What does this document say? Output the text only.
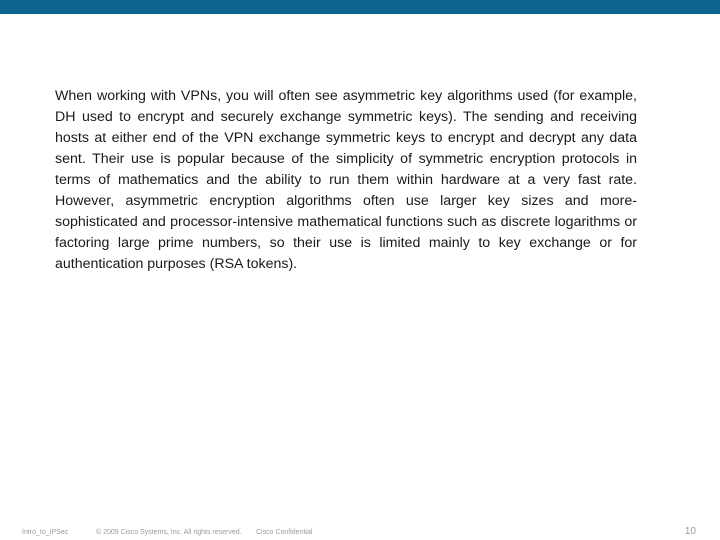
When working with VPNs, you will often see asymmetric key algorithms used (for example, DH used to encrypt and securely exchange symmetric keys). The sending and receiving hosts at either end of the VPN exchange symmetric keys to encrypt and decrypt any data sent. Their use is popular because of the simplicity of symmetric encryption protocols in terms of mathematics and the ability to run them within hardware at a very fast rate. However, asymmetric encryption algorithms often use larger key sizes and more-sophisticated and processor-intensive mathematical functions such as discrete logarithms or factoring large prime numbers, so their use is limited mainly to key exchange or for authentication purposes (RSA tokens).

Intro_to_IPSec	© 2009 Cisco Systems, Inc. All rights reserved. Cisco Confidential	10
